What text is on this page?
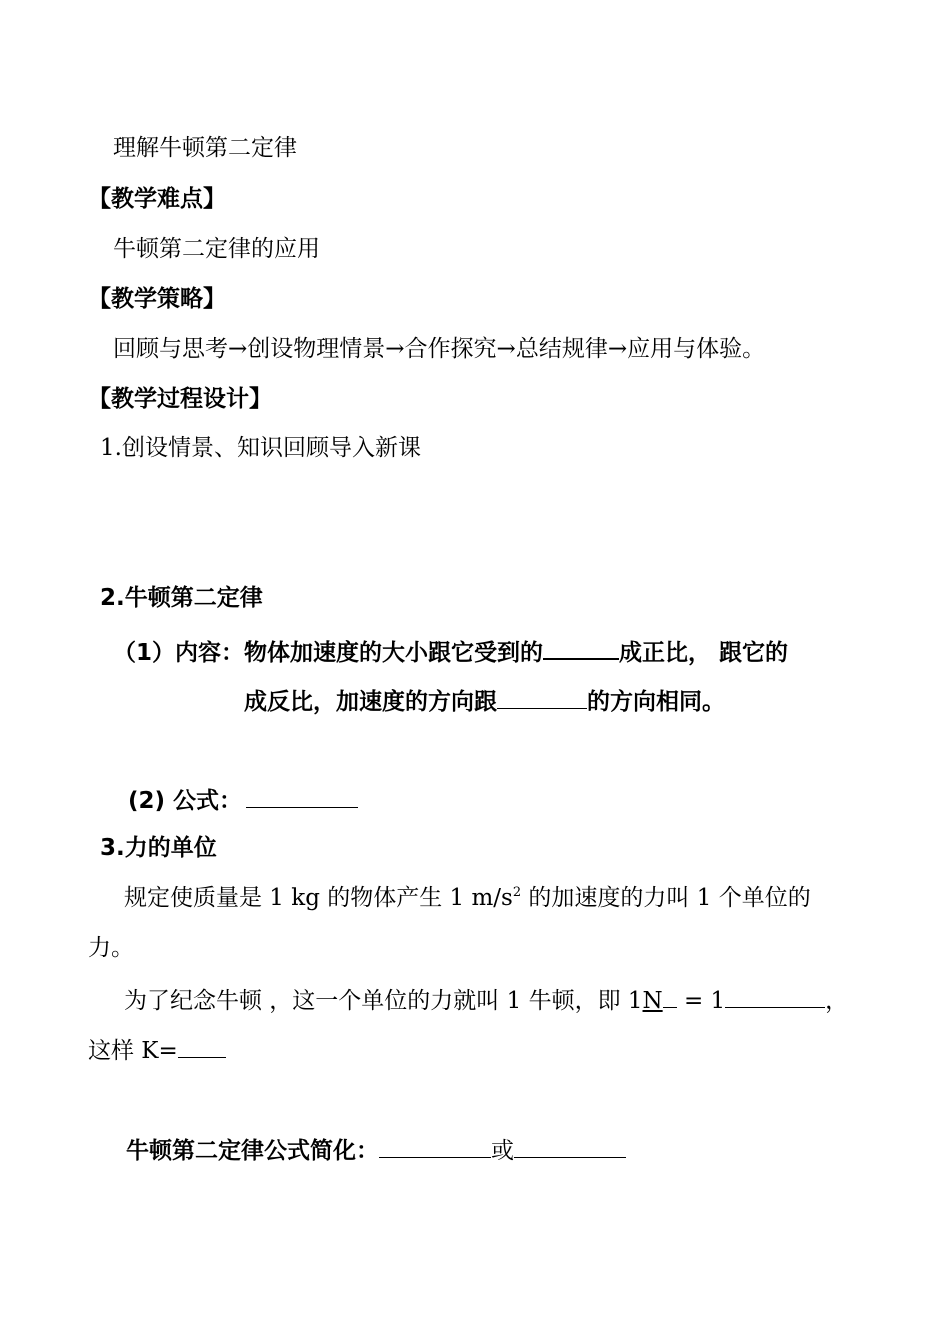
理解牛顿第二定律
【教学难点】
牛顿第二定律的应用
【教学策略】
回顾与思考→创设物理情景→合作探究→总结规律→应用与体验。
【教学过程设计】
1.创设情景、知识回顾导入新课
2.牛顿第二定律
（1）内容：物体加速度的大小跟它受到的	成正比， 跟它的
成反比，加速度的方向跟	的方向相同。
(2) 公式：
3.力的单位
规定使质量是 1 kg 的物体产生 1 $m/s^2$ 的加速度的力叫 1 个单位的
力。
为了纪念牛顿 ，这一个单位的力就叫 1 牛顿，即 1N = 1	，
这样 K=
牛顿第二定律公式简化：	或
